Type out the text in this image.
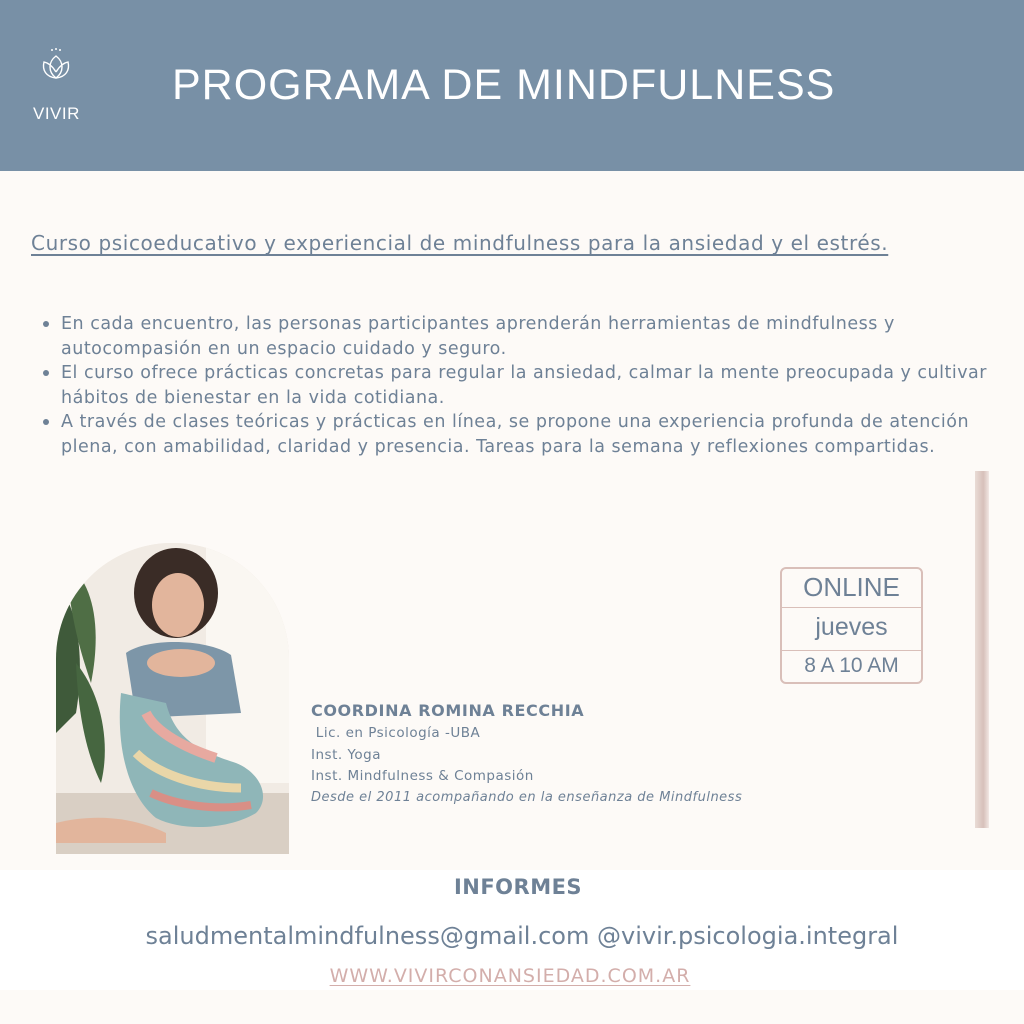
VIVIR
PROGRAMA DE MINDFULNESS
Curso psicoeducativo y experiencial de mindfulness para la ansiedad y el estrés.
En cada encuentro, las personas participantes aprenderán herramientas de mindfulness y autocompasión en un espacio cuidado y seguro.
El curso ofrece prácticas concretas para regular la ansiedad, calmar la mente preocupada y cultivar hábitos de bienestar en la vida cotidiana.
A través de clases teóricas y prácticas en línea, se propone una experiencia profunda de atención plena, con amabilidad, claridad y presencia. Tareas para la semana y reflexiones compartidas.
ONLINE
jueves
8 A 10 AM
COORDINA ROMINA RECCHIA
Lic. en Psicología -UBA
Inst. Yoga
Inst. Mindfulness & Compasión
Desde el 2011 acompañando en la enseñanza de Mindfulness
INFORMES
saludmentalmindfulness@gmail.com @vivir.psicologia.integral
WWW.VIVIRCONANSIEDAD.COM.AR
